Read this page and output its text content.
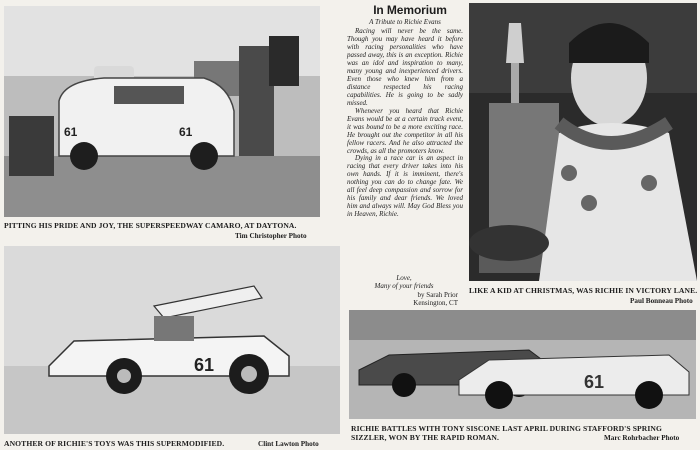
61	61
PITTING HIS PRIDE AND JOY, THE SUPERSPEEDWAY CAMARO, AT DAYTONA.
Tim Christopher Photo
In Memorium

A Tribute to Richie Evans

Racing will never be the same. Though you may have heard it before with racing personalities who have passed away, this is an exception. Richie was an idol and inspiration to many, many young and inexperienced drivers. Even those who knew him from a distance respected his racing capabilities. He is going to be sadly missed.

Whenever you heard that Richie Evans would be at a certain track event, it was bound to be a more exciting race. He brought out the competitor in all his fellow racers. And he also attracted the crowds, as all the promoters know.

Dying in a race car is an aspect in racing that every driver takes into his own hands. If it is imminent, there's nothing you can do to change fate. We all feel deep compassion and sorrow for his family and dear friends. We loved him and always will. May God Bless you in Heaven, Richie.

Love,
Many of your friends
by Sarah Prior
Kensington, CT
LIKE A KID AT CHRISTMAS, WAS RICHIE IN VICTORY LANE.
Paul Bonneau Photo
61
ANOTHER OF RICHIE'S TOYS WAS THIS SUPERMODIFIED.	Clint Lawton Photo
61
RICHIE BATTLES WITH TONY SISCONE LAST APRIL DURING STAFFORD'S SPRING
SIZZLER, WON BY THE RAPID ROMAN.	Marc Rohrbacher Photo
